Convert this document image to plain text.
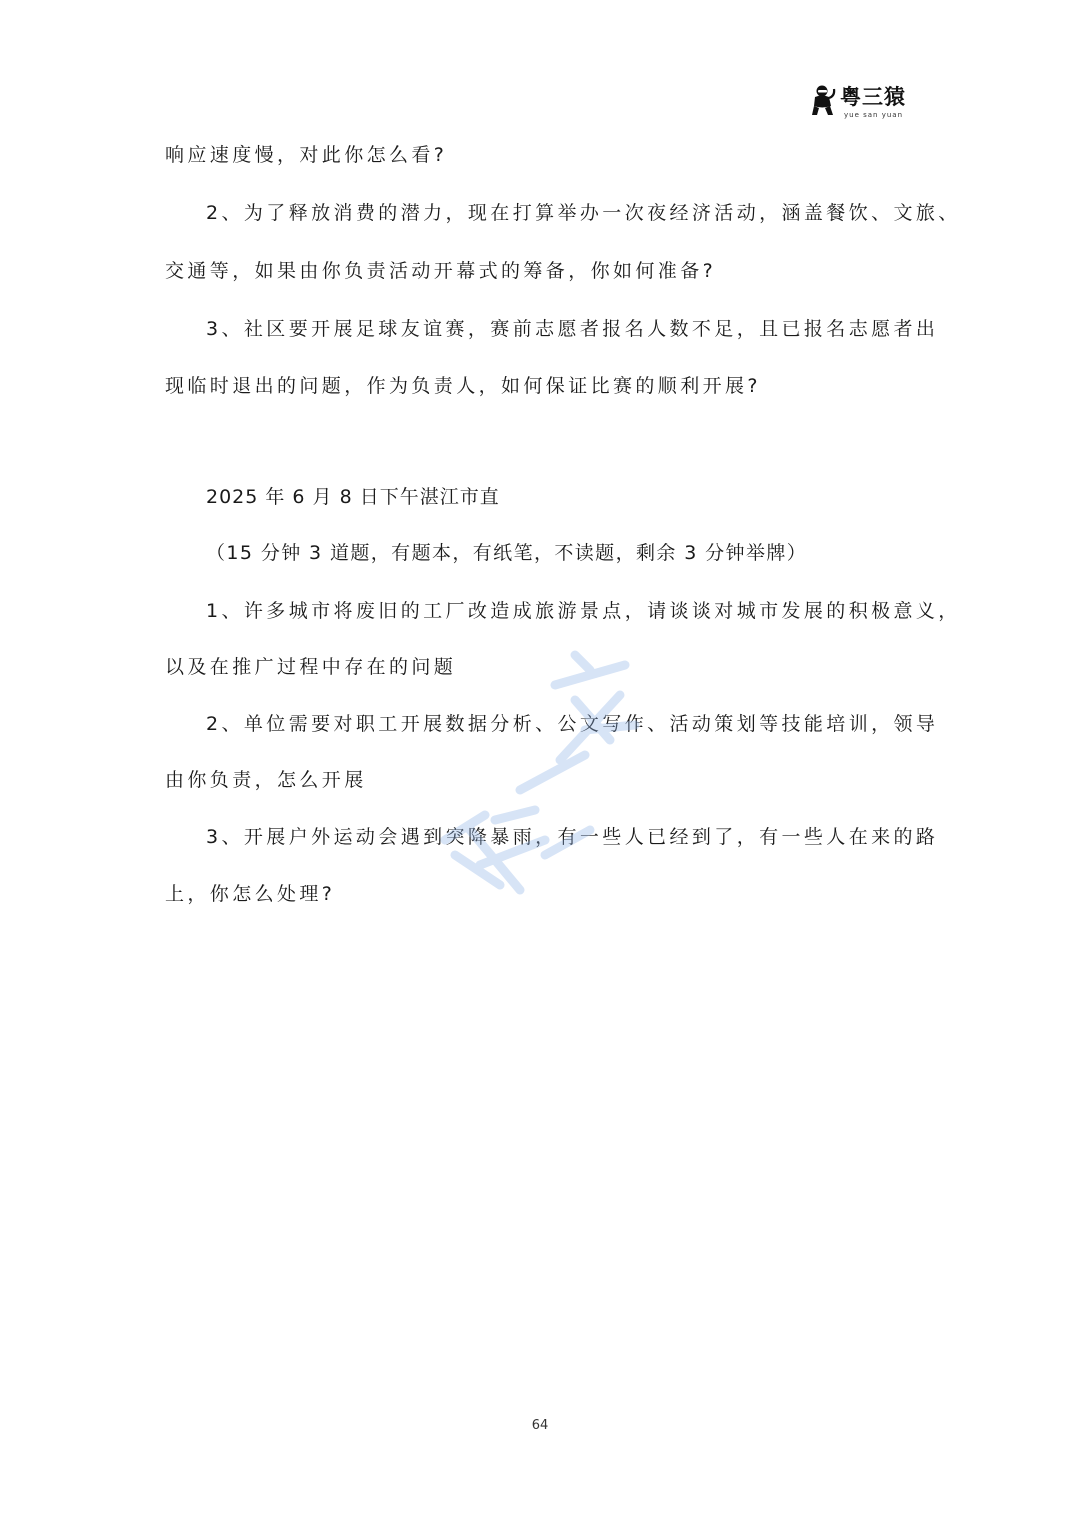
粤三猿
yue san yuan
响应速度慢，对此你怎么看?
2、为了释放消费的潜力，现在打算举办一次夜经济活动，涵盖餐饮、文旅、
交通等，如果由你负责活动开幕式的筹备，你如何准备?
3、社区要开展足球友谊赛，赛前志愿者报名人数不足，且已报名志愿者出
现临时退出的问题，作为负责人，如何保证比赛的顺利开展?
2025 年 6 月 8 日下午湛江市直
（15 分钟 3 道题，有题本，有纸笔，不读题，剩余 3 分钟举牌）
1、许多城市将废旧的工厂改造成旅游景点，请谈谈对城市发展的积极意义，
以及在推广过程中存在的问题
2、单位需要对职工开展数据分析、公文写作、活动策划等技能培训，领导
由你负责，怎么开展
3、开展户外运动会遇到突降暴雨，有一些人已经到了，有一些人在来的路
上，你怎么处理?
64
